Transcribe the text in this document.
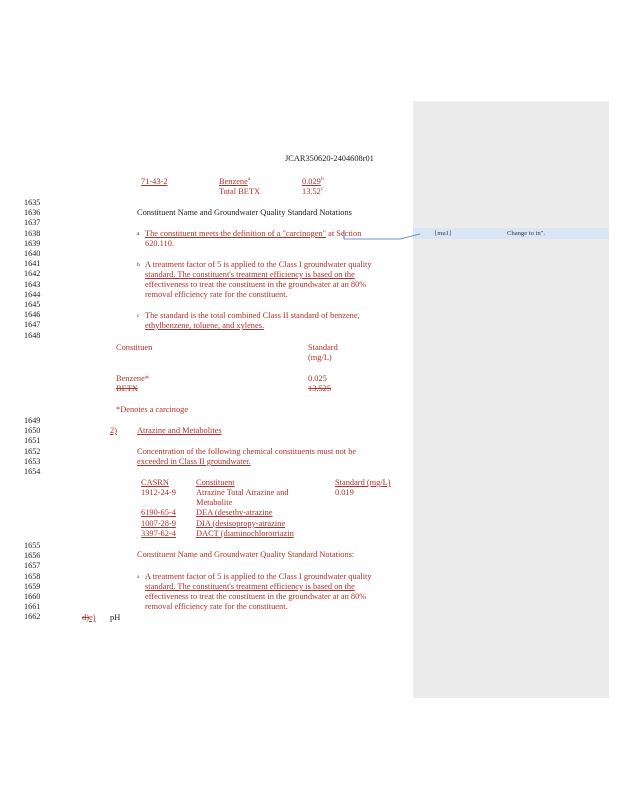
[mu1]	Change to in".
JCAR350620-2404608r01
71-43-2	Benzene$^a$	0.029$^b$
Total BETX	13.52$^c$
1635
1636
1637
1638
1639
1640
1641
1642
1643
1644
1645
1646
1647
1648
Constituent Name and Groundwater Quality Standard Notations
a The constituent meets the definition of a "carcinogen" at Section
620.110.
b A treatment factor of 5 is applied to the Class I groundwater quality
standard. The constituent's treatment efficiency is based on the
effectiveness to treat the constituent in the groundwater at an 80%
removal efficiency rate for the constituent.
c The standard is the total combined Class II standard of benzene,
ethylbenzene, toluene, and xylenes.
Constituen	Standard
(mg/L)
Benzene*	0.025
BETX	13.525
*Denotes a carcinoge
1649
1650
1651
1652
1653
1654
2) Atrazine and Metabolites
Concentration of the following chemical constituents must not be
exceeded in Class II groundwater.
CASRN	Constituent	Standard (mg/L)
1912-24-9 Atrazine Total Atrazine and	0.019
Metabolite
6190-65-4 DEA (desethy-atrazine
1007-28-9 DIA (desisopropy-atrazine
3397-62-4 DACT (diaminochlorotriazin
1655
1656
1657
1658
1659
1660
1661
1662
Constituent Name and Groundwater Quality Standard Notations:
a A treatment factor of 5 is applied to the Class I groundwater quality
standard. The constituent's treatment efficiency is based on the
effectiveness to treat the constituent in the groundwater at an 80%
removal efficiency rate for the constituent.
d)e) pH
